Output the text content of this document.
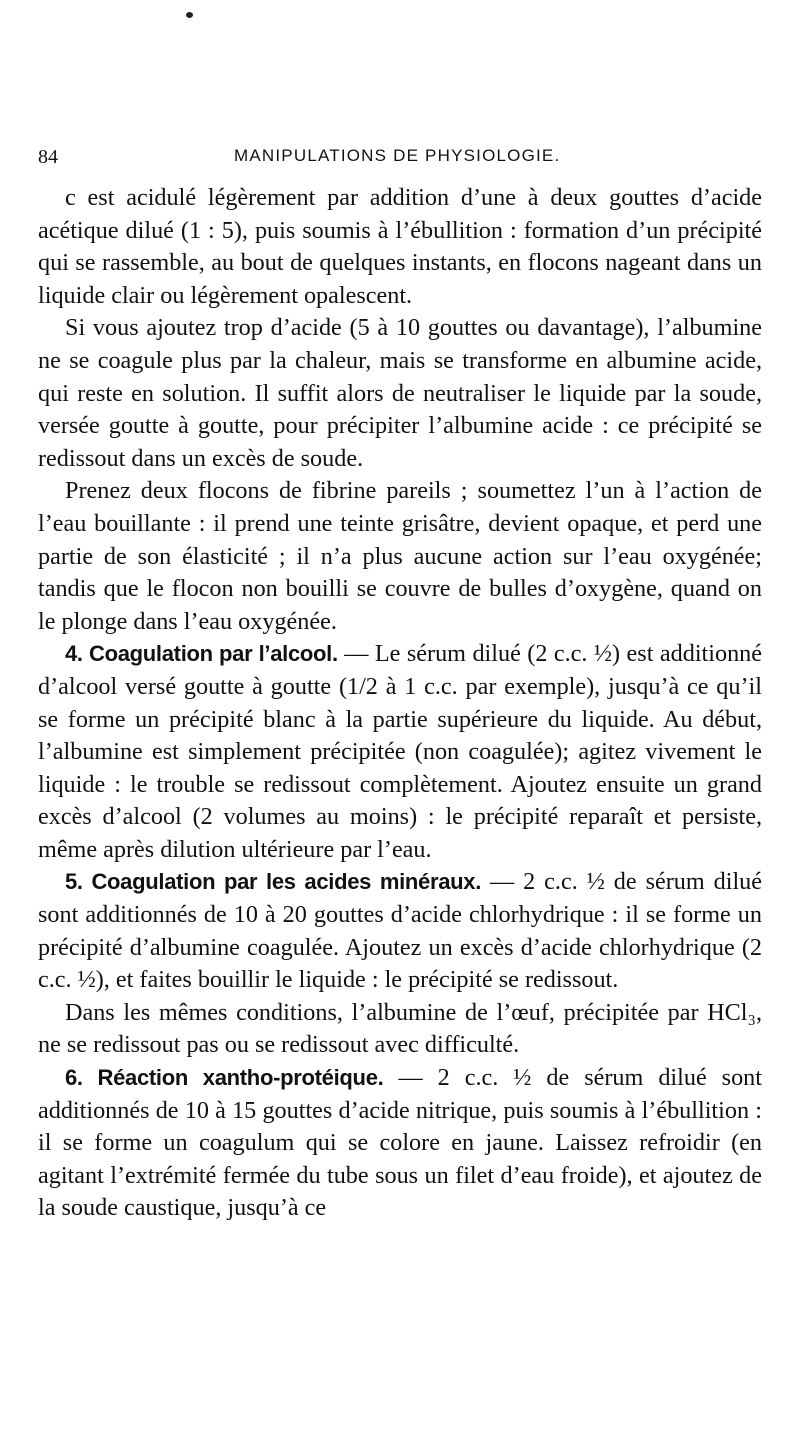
84	MANIPULATIONS DE PHYSIOLOGIE.

c est acidulé légèrement par addition d’une à deux gouttes d’acide acétique dilué (1 : 5), puis soumis à l’ébullition : formation d’un précipité qui se rassemble, au bout de quelques instants, en flocons nageant dans un liquide clair ou légèrement opalescent.

Si vous ajoutez trop d’acide (5 à 10 gouttes ou davantage), l’albumine ne se coagule plus par la chaleur, mais se transforme en albumine acide, qui reste en solution. Il suffit alors de neutraliser le liquide par la soude, versée goutte à goutte, pour précipiter l’albumine acide : ce précipité se redissout dans un excès de soude.

Prenez deux flocons de fibrine pareils ; soumettez l’un à l’action de l’eau bouillante : il prend une teinte grisâtre, devient opaque, et perd une partie de son élasticité ; il n’a plus aucune action sur l’eau oxygénée; tandis que le flocon non bouilli se couvre de bulles d’oxygène, quand on le plonge dans l’eau oxygénée.

4. Coagulation par l’alcool. — Le sérum dilué (2 c.c. ½) est additionné d’alcool versé goutte à goutte (1/2 à 1 c.c. par exemple), jusqu’à ce qu’il se forme un précipité blanc à la partie supérieure du liquide. Au début, l’albumine est simplement précipitée (non coagulée); agitez vivement le liquide : le trouble se redissout complètement. Ajoutez ensuite un grand excès d’alcool (2 volumes au moins) : le précipité reparaît et persiste, même après dilution ultérieure par l’eau.

5. Coagulation par les acides minéraux. — 2 c.c. ½ de sérum dilué sont additionnés de 10 à 20 gouttes d’acide chlorhydrique : il se forme un précipité d’albumine coagulée. Ajoutez un excès d’acide chlorhydrique (2 c.c. ½), et faites bouillir le liquide : le précipité se redissout.

Dans les mêmes conditions, l’albumine de l’œuf, précipitée par HCl₃, ne se redissout pas ou se redissout avec difficulté.

6. Réaction xantho-protéique. — 2 c.c. ½ de sérum dilué sont additionnés de 10 à 15 gouttes d’acide nitrique, puis soumis à l’ébullition : il se forme un coagulum qui se colore en jaune. Laissez refroidir (en agitant l’extrémité fermée du tube sous un filet d’eau froide), et ajoutez de la soude caustique, jusqu’à ce
